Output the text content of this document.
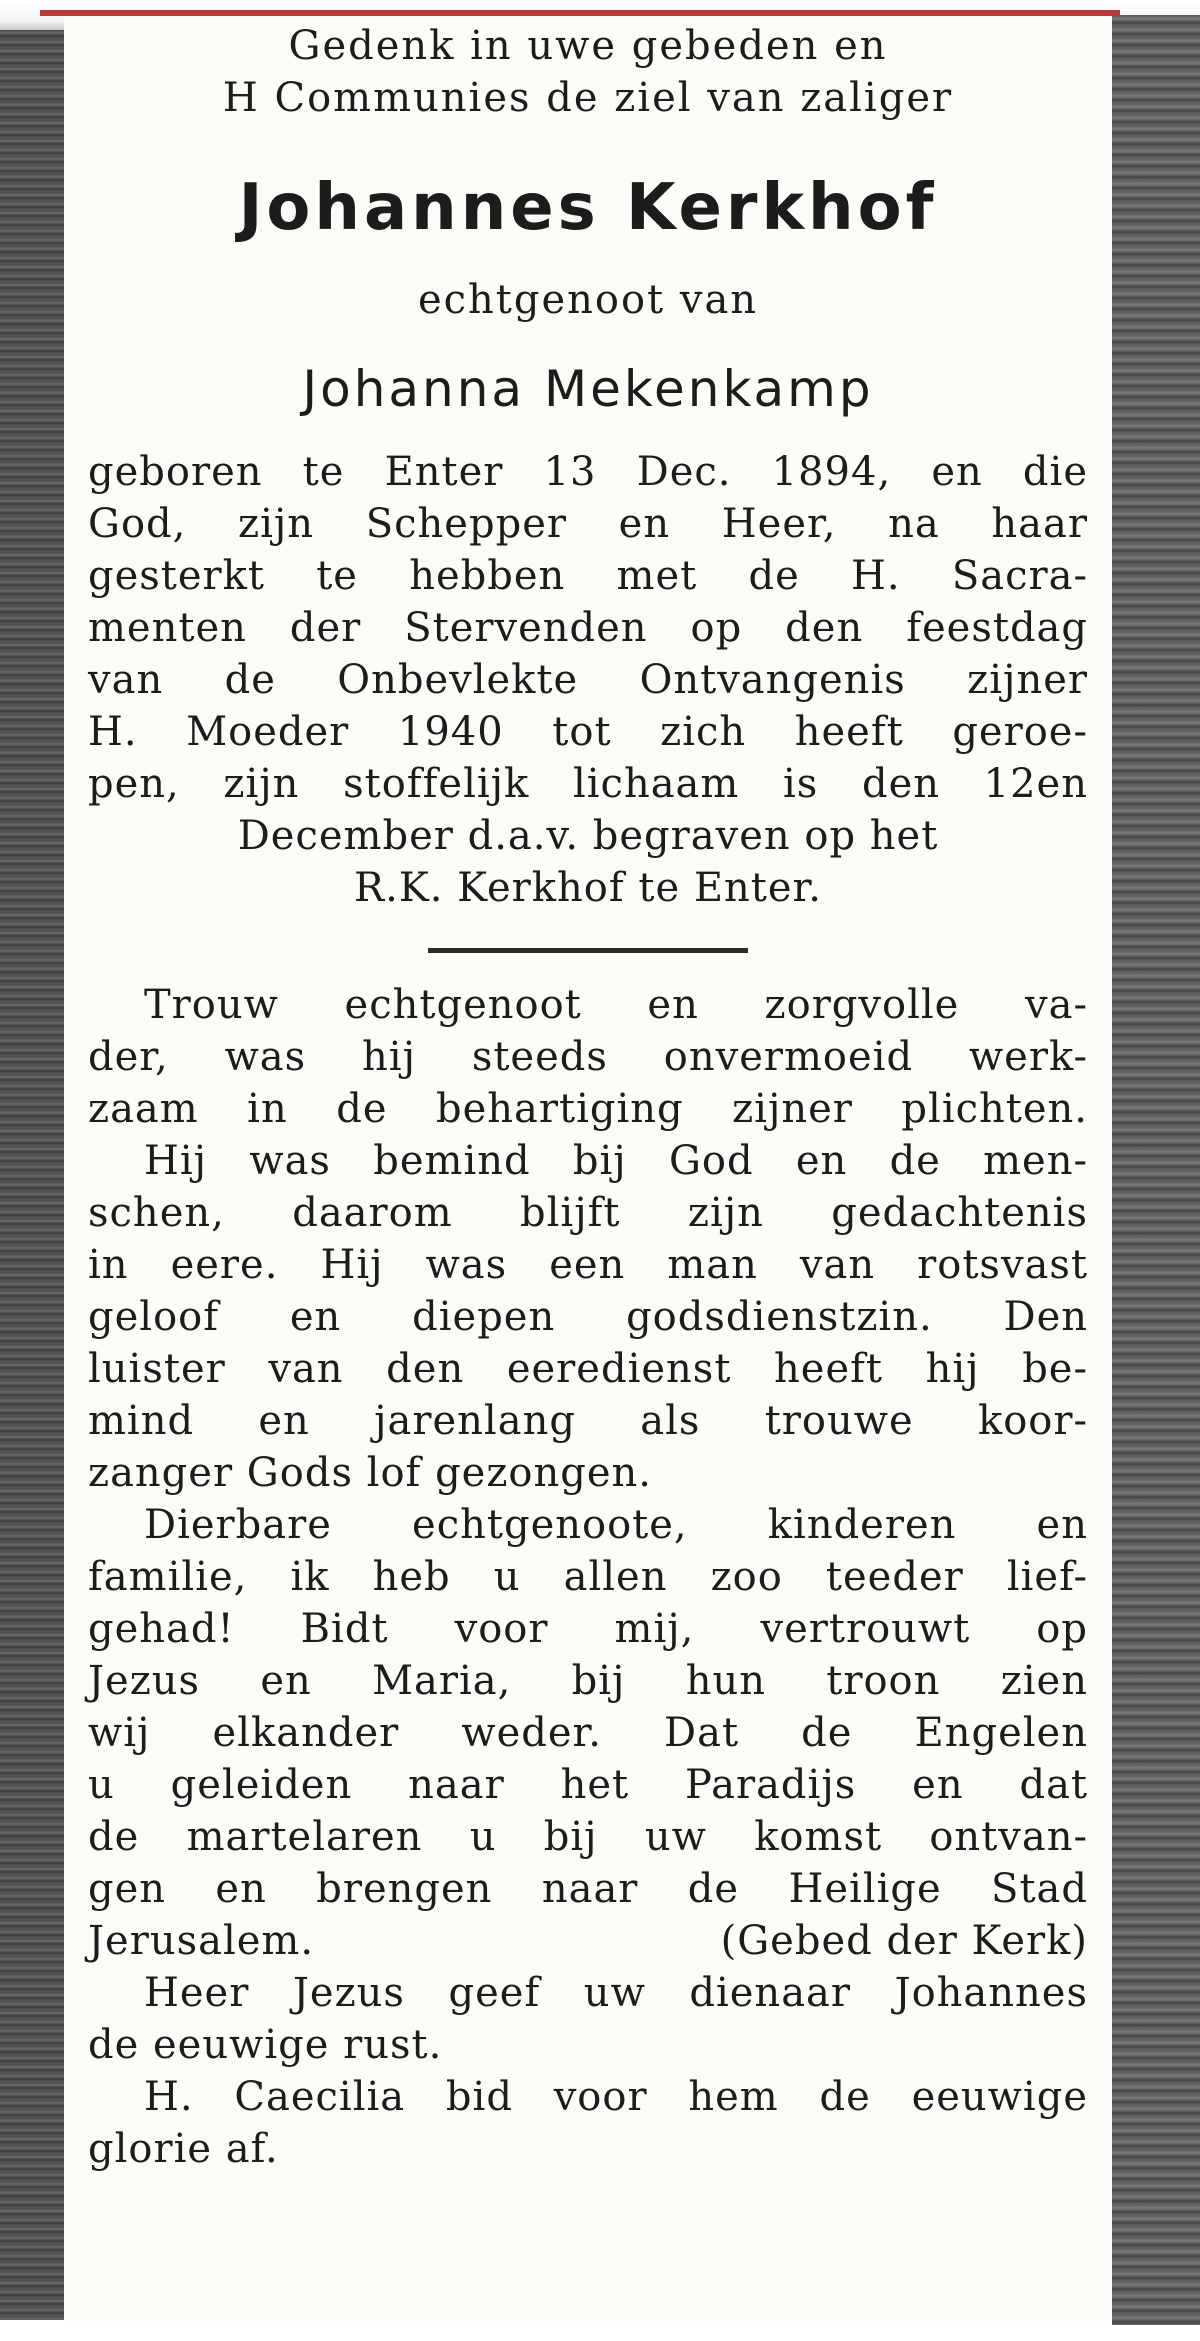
Gedenk in uwe gebeden en
H Communies de ziel van zaliger
Johannes Kerkhof
echtgenoot van
Johanna Mekenkamp
geboren te Enter 13 Dec. 1894, en die
God, zijn Schepper en Heer, na haar
gesterkt te hebben met de H. Sacra-
menten der Stervenden op den feestdag
van de Onbevlekte Ontvangenis zijner
H. Moeder 1940 tot zich heeft geroe-
pen, zijn stoffelijk lichaam is den 12en
December d.a.v. begraven op het
R.K. Kerkhof te Enter.
Trouw echtgenoot en zorgvolle va-
der, was hij steeds onvermoeid werk-
zaam in de behartiging zijner plichten.
Hij was bemind bij God en de men-
schen, daarom blijft zijn gedachtenis
in eere. Hij was een man van rotsvast
geloof en diepen godsdienstzin. Den
luister van den eeredienst heeft hij be-
mind en jarenlang als trouwe koor-
zanger Gods lof gezongen.
Dierbare echtgenoote, kinderen en
familie, ik heb u allen zoo teeder lief-
gehad! Bidt voor mij, vertrouwt op
Jezus en Maria, bij hun troon zien
wij elkander weder. Dat de Engelen
u geleiden naar het Paradijs en dat
de martelaren u bij uw komst ontvan-
gen en brengen naar de Heilige Stad
Jerusalem.	(Gebed der Kerk)
Heer Jezus geef uw dienaar Johannes
de eeuwige rust.
H. Caecilia bid voor hem de eeuwige
glorie af.
